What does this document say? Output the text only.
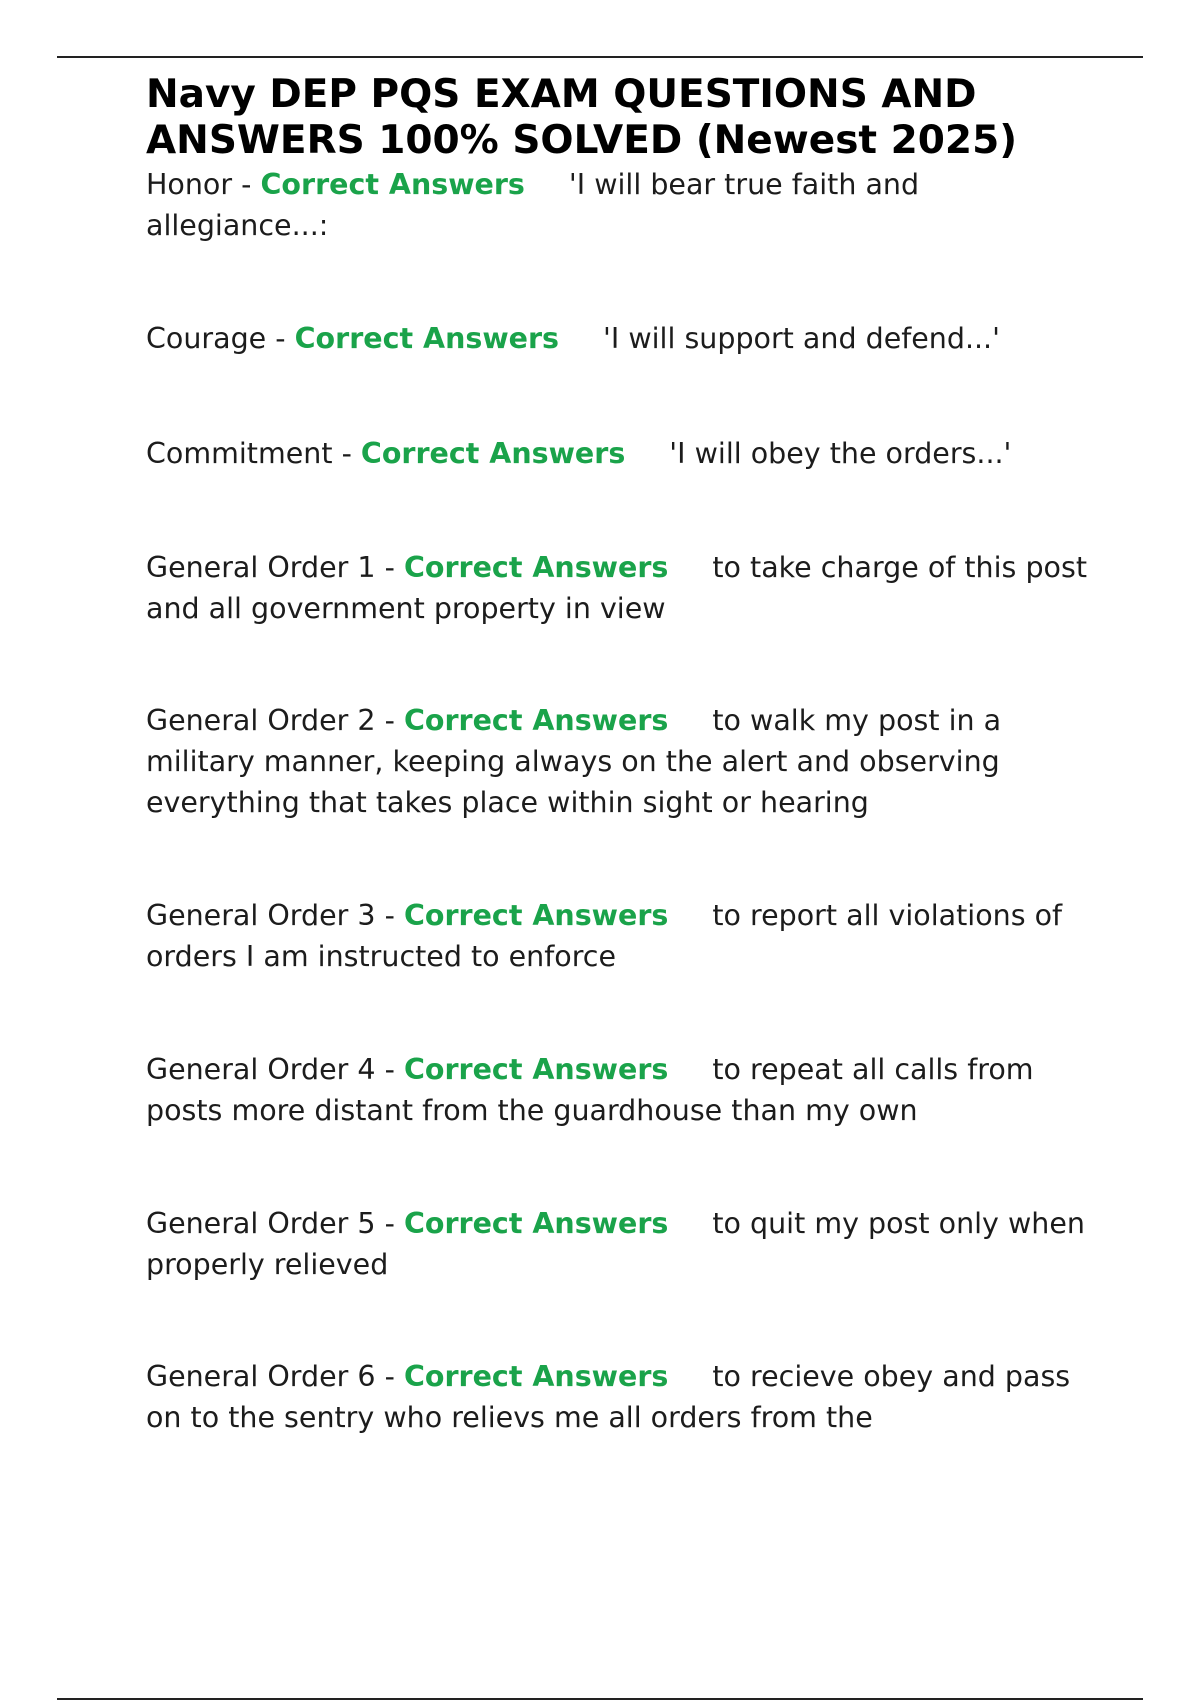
Navy DEP PQS EXAM QUESTIONS AND ANSWERS 100% SOLVED (Newest 2025)

Honor - Correct Answers 'I will bear true faith and allegiance...:

Courage - Correct Answers 'I will support and defend...'

Commitment - Correct Answers 'I will obey the orders...'

General Order 1 - Correct Answers to take charge of this post and all government property in view

General Order 2 - Correct Answers to walk my post in a military manner, keeping always on the alert and observing everything that takes place within sight or hearing

General Order 3 - Correct Answers to report all violations of orders I am instructed to enforce

General Order 4 - Correct Answers to repeat all calls from posts more distant from the guardhouse than my own

General Order 5 - Correct Answers to quit my post only when properly relieved

General Order 6 - Correct Answers to recieve obey and pass on to the sentry who relievs me all orders from the
